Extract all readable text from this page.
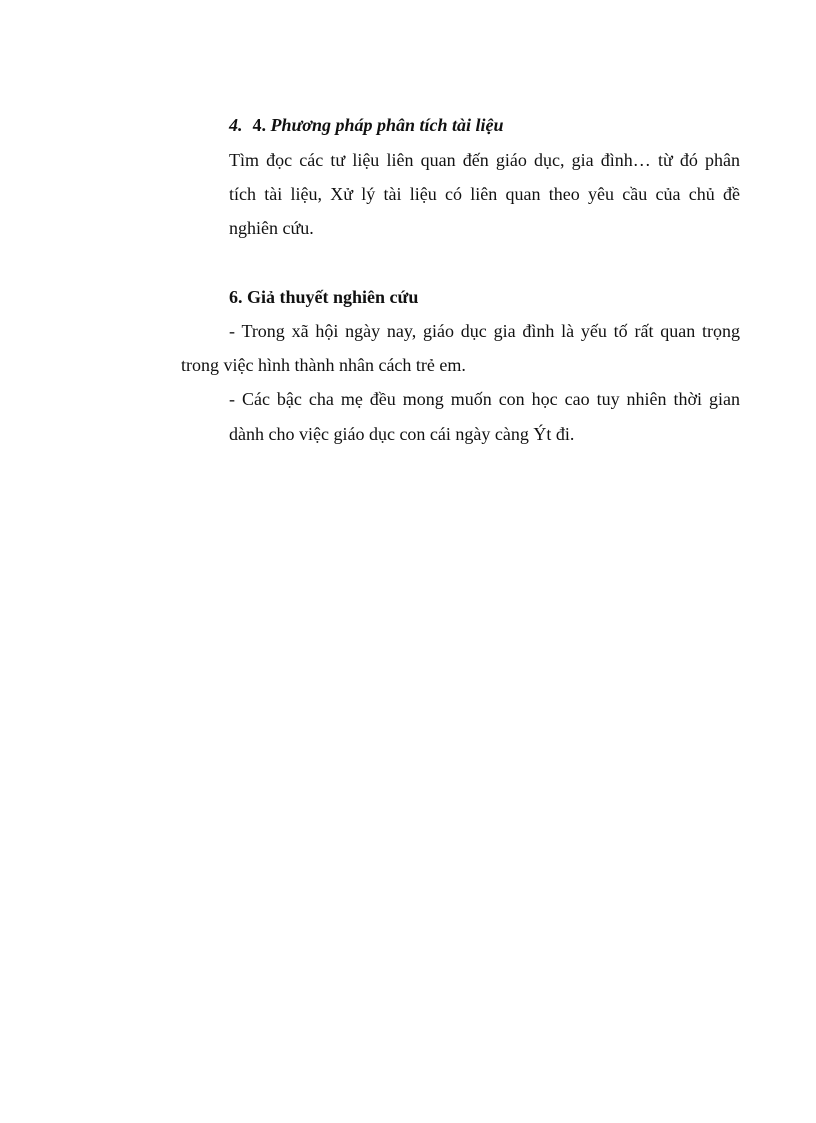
4. 4. Phương pháp phân tích tài liệu
Tìm đọc các tư liệu liên quan đến giáo dục, gia đình… từ đó phân
tích tài liệu, Xử lý tài liệu có liên quan theo yêu cầu của chủ đề
nghiên cứu.
6. Giả thuyết nghiên cứu
- Trong xã hội ngày nay, giáo dục gia đình là yếu tố rất quan trọng
trong việc hình thành nhân cách trẻ em.
- Các bậc cha mẹ đều mong muốn con học cao tuy nhiên thời gian
dành cho việc giáo dục con cái ngày càng Ýt đi.
